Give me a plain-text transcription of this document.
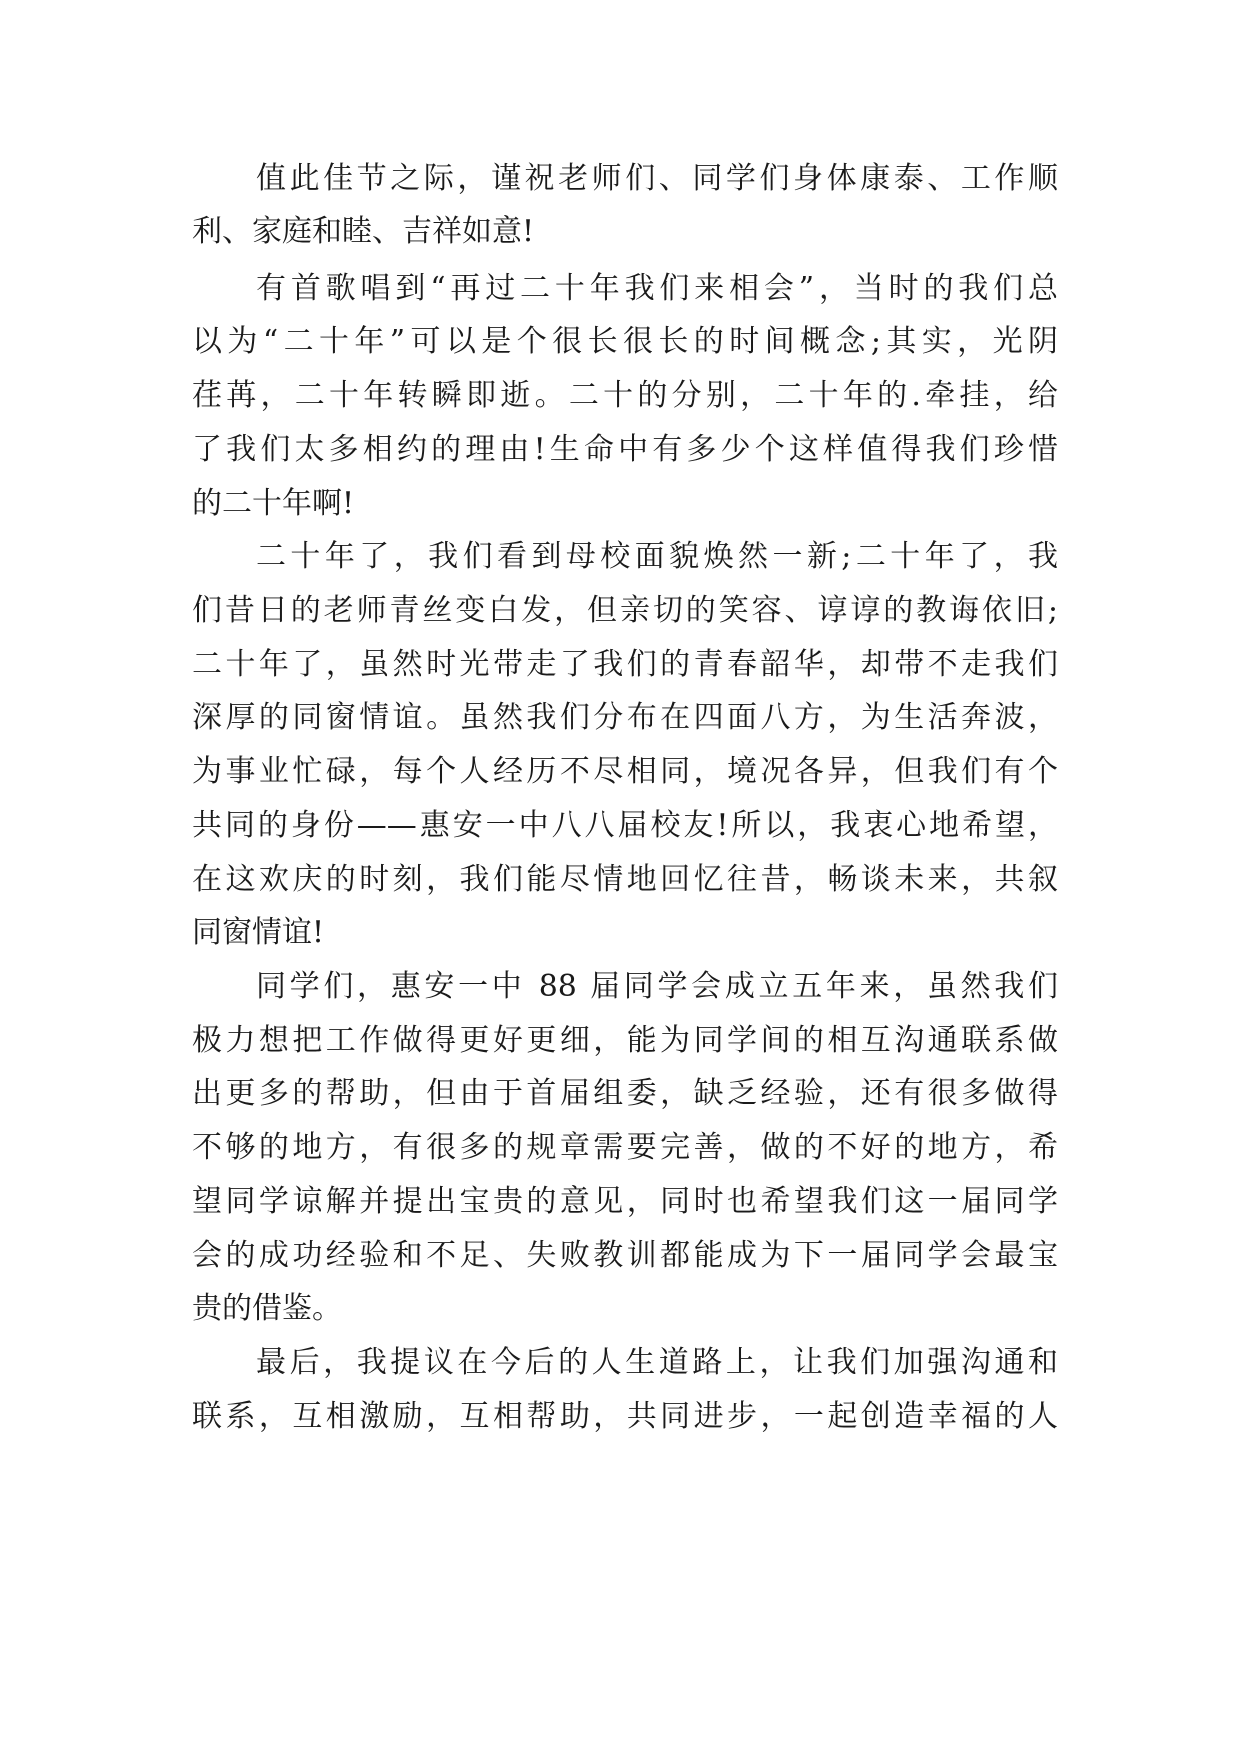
值此佳节之际，谨祝老师们、同学们身体康泰、工作顺
利、家庭和睦、吉祥如意!
有首歌唱到“再过二十年我们来相会”，当时的我们总
以为“二十年”可以是个很长很长的时间概念;其实，光阴
荏苒，二十年转瞬即逝。二十的分别，二十年的.牵挂，给
了我们太多相约的理由!生命中有多少个这样值得我们珍惜
的二十年啊!
二十年了，我们看到母校面貌焕然一新;二十年了，我
们昔日的老师青丝变白发，但亲切的笑容、谆谆的教诲依旧;
二十年了，虽然时光带走了我们的青春韶华，却带不走我们
深厚的同窗情谊。虽然我们分布在四面八方，为生活奔波，
为事业忙碌，每个人经历不尽相同，境况各异，但我们有个
共同的身份——惠安一中八八届校友!所以，我衷心地希望，
在这欢庆的时刻，我们能尽情地回忆往昔，畅谈未来，共叙
同窗情谊!
同学们，惠安一中 88 届同学会成立五年来，虽然我们
极力想把工作做得更好更细，能为同学间的相互沟通联系做
出更多的帮助，但由于首届组委，缺乏经验，还有很多做得
不够的地方，有很多的规章需要完善，做的不好的地方，希
望同学谅解并提出宝贵的意见，同时也希望我们这一届同学
会的成功经验和不足、失败教训都能成为下一届同学会最宝
贵的借鉴。
最后，我提议在今后的人生道路上，让我们加强沟通和
联系，互相激励，互相帮助，共同进步，一起创造幸福的人
